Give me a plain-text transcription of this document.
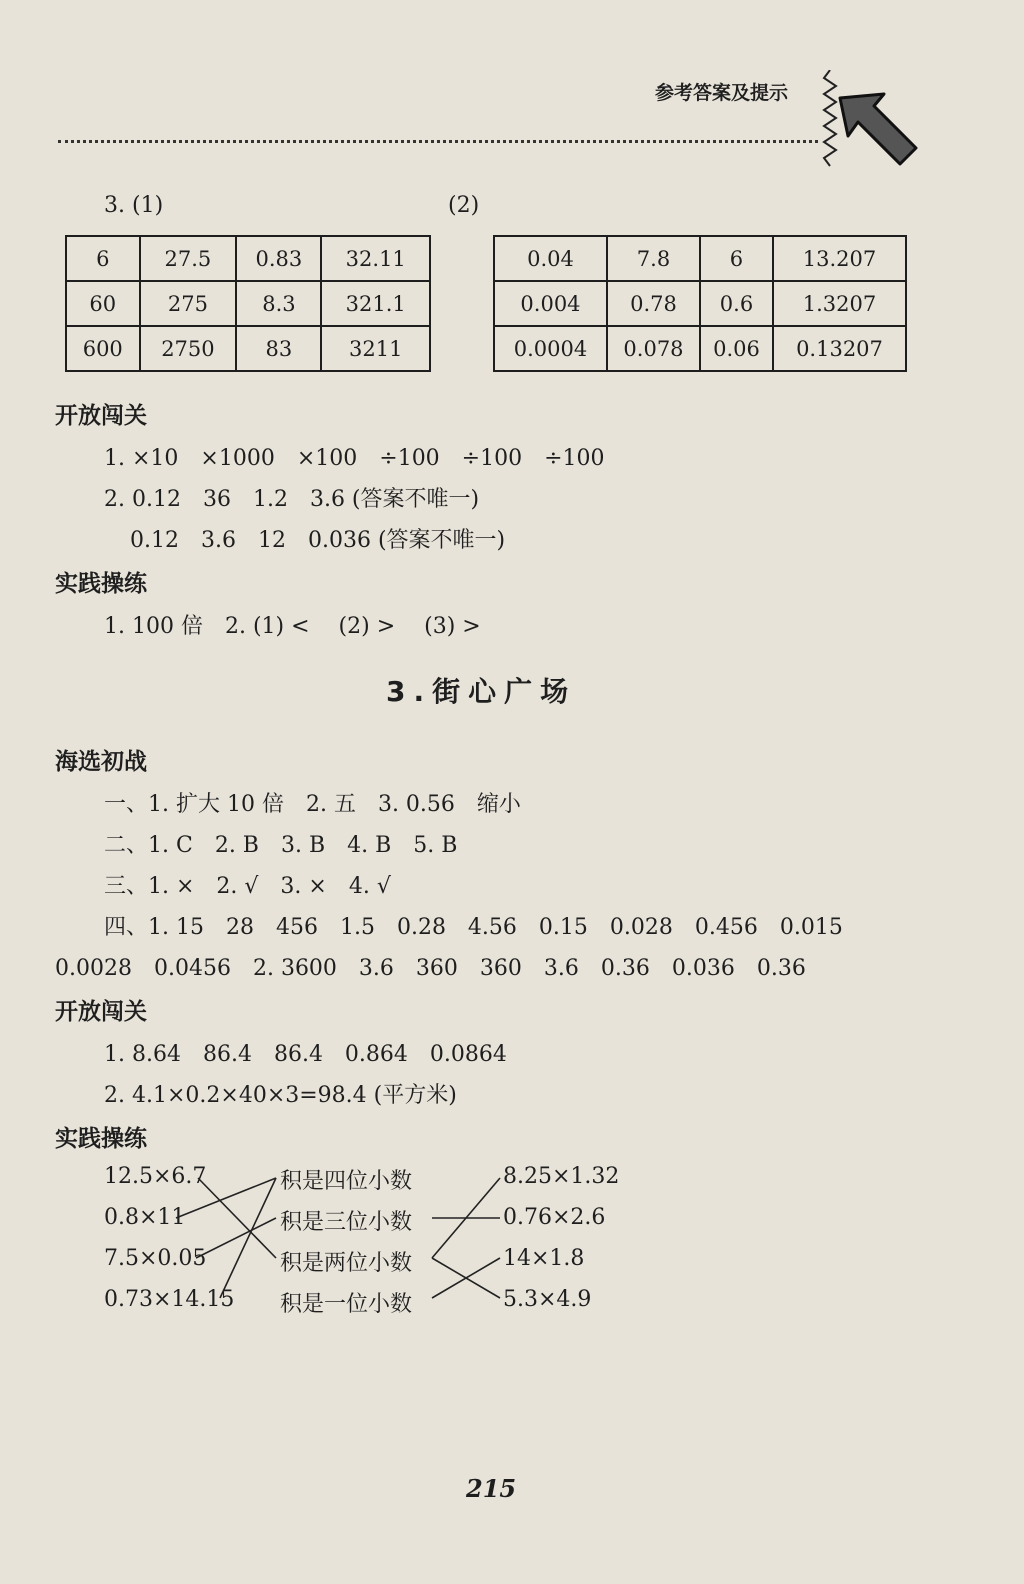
参考答案及提示
3. (1)	(2)
6	27.5	0.83	32.11
60	275	8.3	321.1
600	2750	83	3211
0.04	7.8	6	13.207
0.004	0.78	0.6	1.3207
0.0004	0.078	0.06	0.13207
开放闯关
1. ×10　×1000　×100　÷100　÷100　÷100
2. 0.12　36　1.2　3.6 (答案不唯一)
0.12　3.6　12　0.036 (答案不唯一)
实践操练
1. 100 倍　2. (1) <　 (2) >　 (3) >
3.街心广场
海选初战
一、1. 扩大 10 倍　2. 五　3. 0.56　缩小
二、1. C　2. B　3. B　4. B　5. B
三、1. ×　2. √　3. ×　4. √
四、1. 15　28　456　1.5　0.28　4.56　0.15　0.028　0.456　0.015
0.0028　0.0456　2. 3600　3.6　360　360　3.6　0.36　0.036　0.36
开放闯关
1. 8.64　86.4　86.4　0.864　0.0864
2. 4.1×0.2×40×3=98.4 (平方米)
实践操练
12.5×6.7
0.8×11
7.5×0.05
0.73×14.15
积是四位小数
积是三位小数
积是两位小数
积是一位小数
8.25×1.32
0.76×2.6
14×1.8
5.3×4.9
215
